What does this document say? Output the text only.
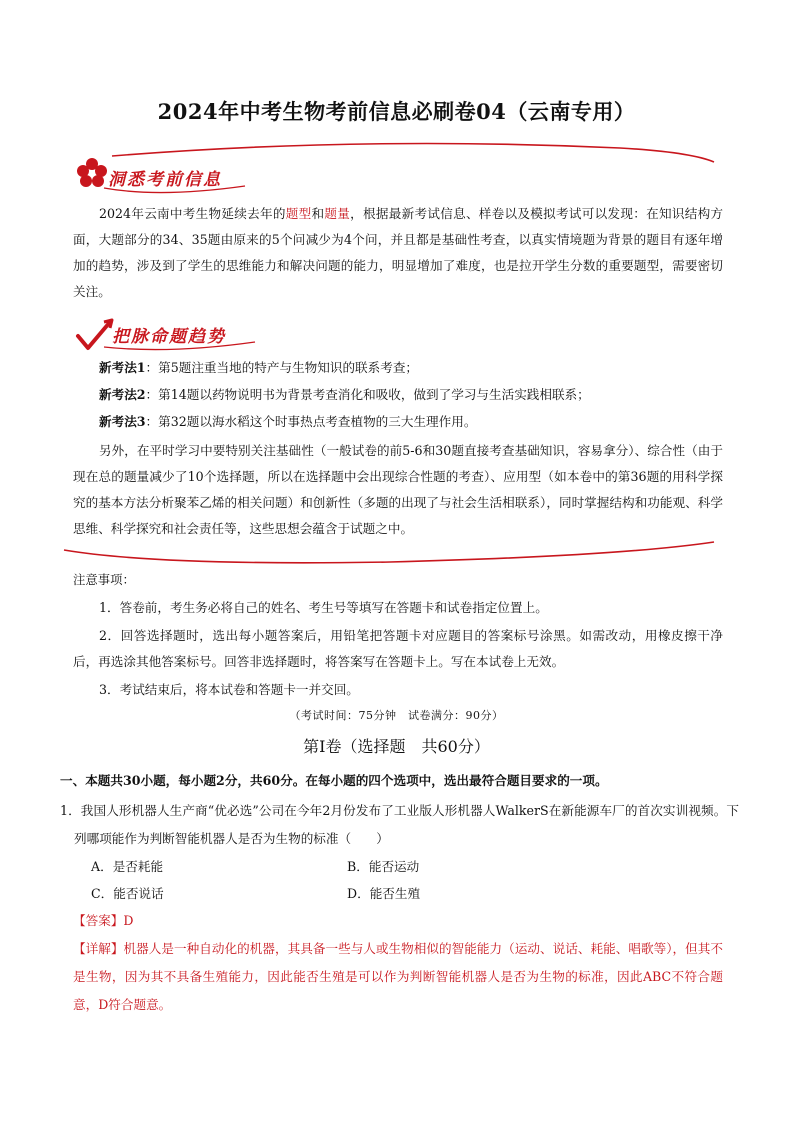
2024年中考生物考前信息必刷卷04（云南专用）
洞悉考前信息
2024年云南中考生物延续去年的题型和题量，根据最新考试信息、样卷以及模拟考试可以发现：在知识结构方面，大题部分的34、35题由原来的5个问减少为4个问，并且都是基础性考查，以真实情境题为背景的题目有逐年增加的趋势，涉及到了学生的思维能力和解决问题的能力，明显增加了难度，也是拉开学生分数的重要题型，需要密切关注。
把脉命题趋势
新考法1：第5题注重当地的特产与生物知识的联系考查；
新考法2：第14题以药物说明书为背景考查消化和吸收，做到了学习与生活实践相联系；
新考法3：第32题以海水稻这个时事热点考查植物的三大生理作用。
另外，在平时学习中要特别关注基础性（一般试卷的前5-6和30题直接考查基础知识，容易拿分）、综合性（由于现在总的题量减少了10个选择题，所以在选择题中会出现综合性题的考查）、应用型（如本卷中的第36题的用科学探究的基本方法分析聚苯乙烯的相关问题）和创新性（多题的出现了与社会生活相联系），同时掌握结构和功能观、科学思维、科学探究和社会责任等，这些思想会蕴含于试题之中。
注意事项：
1．答卷前，考生务必将自己的姓名、考生号等填写在答题卡和试卷指定位置上。
2．回答选择题时，选出每小题答案后，用铅笔把答题卡对应题目的答案标号涂黑。如需改动，用橡皮擦干净后，再选涂其他答案标号。回答非选择题时，将答案写在答题卡上。写在本试卷上无效。
3．考试结束后，将本试卷和答题卡一并交回。
（考试时间：75分钟　试卷满分：90分）
第Ⅰ卷（选择题　共60分）
一、本题共30小题，每小题2分，共60分。在每小题的四个选项中，选出最符合题目要求的一项。
1．我国人形机器人生产商“优必选”公司在今年2月份发布了工业版人形机器人WalkerS在新能源车厂的首次实训视频。下列哪项能作为判断智能机器人是否为生物的标准（　　）
A．是否耗能	B．能否运动
C．能否说话	D．能否生殖
【答案】D
【详解】机器人是一种自动化的机器，其具备一些与人或生物相似的智能能力（运动、说话、耗能、唱歌等），但其不是生物，因为其不具备生殖能力，因此能否生殖是可以作为判断智能机器人是否为生物的标准，因此ABC不符合题意，D符合题意。
